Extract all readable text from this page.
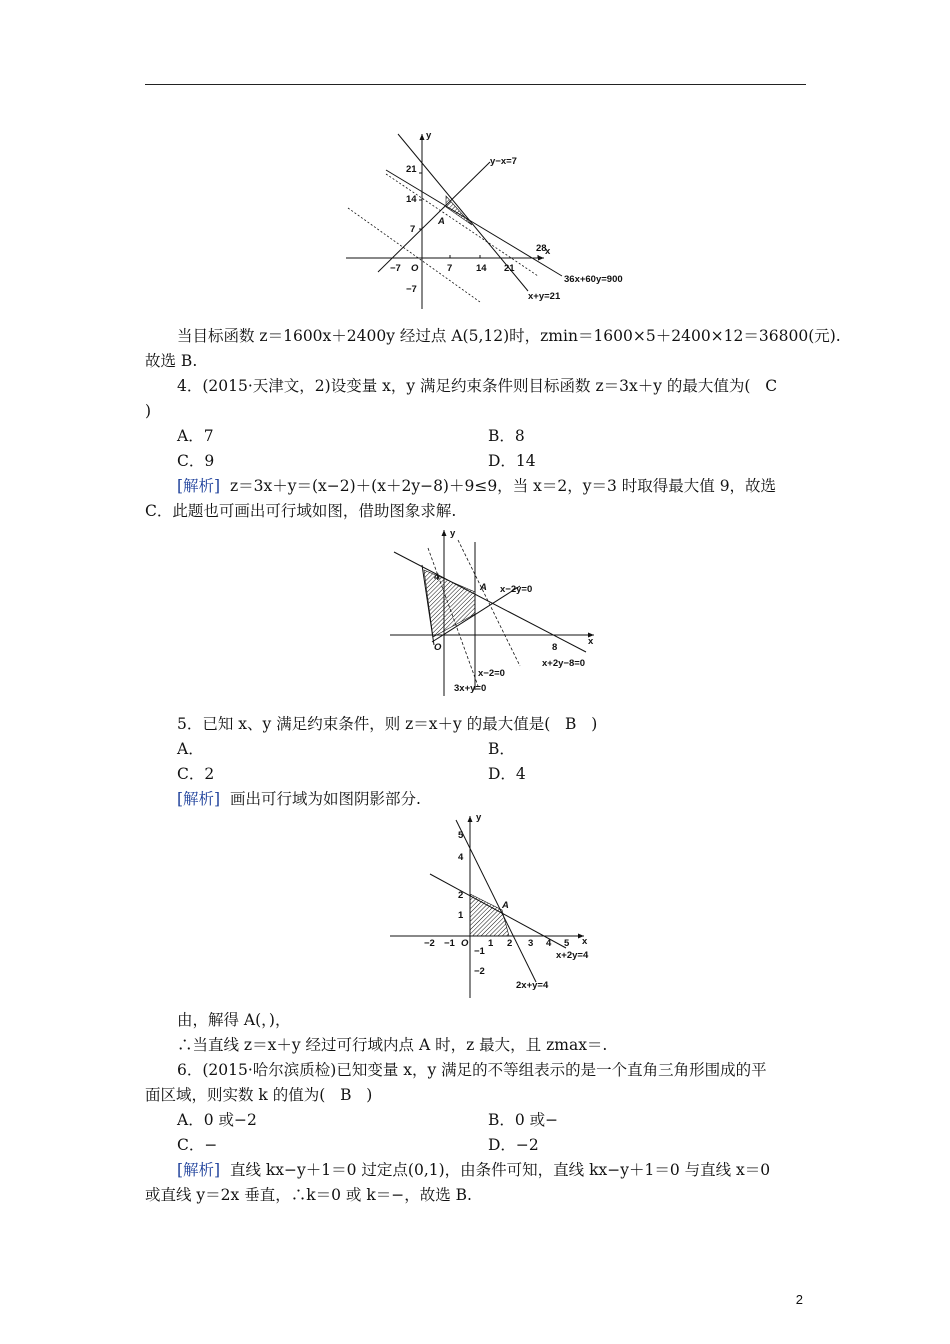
y
x
21
14
7
−7
−7 O	7 14 21
28
A
y−x=7
36x+60y=900
x+y=21
当目标函数 z＝1600x＋2400y 经过点 A(5,12)时，zmin＝1600×5＋2400×12＝36800(元).
故选 B.
4．(2015·天津文，2)设变量 x，y 满足约束条件则目标函数 z＝3x＋y 的最大值为(   C
)
A．7	B．8
C．9	D．14
[解析]  z＝3x＋y＝(x−2)＋(x＋2y−8)＋9≤9，当 x＝2，y＝3 时取得最大值 9，故选
C．此题也可画出可行域如图，借助图象求解.
y
x
4
8
O
A x−2y=0
x+2y−8=0
x−2=0
3x+y=0
5．已知 x、y 满足约束条件，则 z＝x＋y 的最大值是(   B   )
A．	B．
C．2	D．4
[解析]  画出可行域为如图阴影部分.
y
x
5
4
2
1
−1
−2
−2 −1 O 1 2 3 4 5
A
x+2y=4
2x+y=4
由，解得 A(，)，
∴当直线 z＝x＋y 经过可行域内点 A 时，z 最大，且 zmax＝.
6．(2015·哈尔滨质检)已知变量 x，y 满足的不等组表示的是一个直角三角形围成的平
面区域，则实数 k 的值为(   B   )
A．0 或−2	B．0 或−
C．−	D．−2
[解析]  直线 kx−y＋1＝0 过定点(0,1)，由条件可知，直线 kx−y＋1＝0 与直线 x＝0
或直线 y＝2x 垂直，∴k＝0 或 k＝−，故选 B.
2
